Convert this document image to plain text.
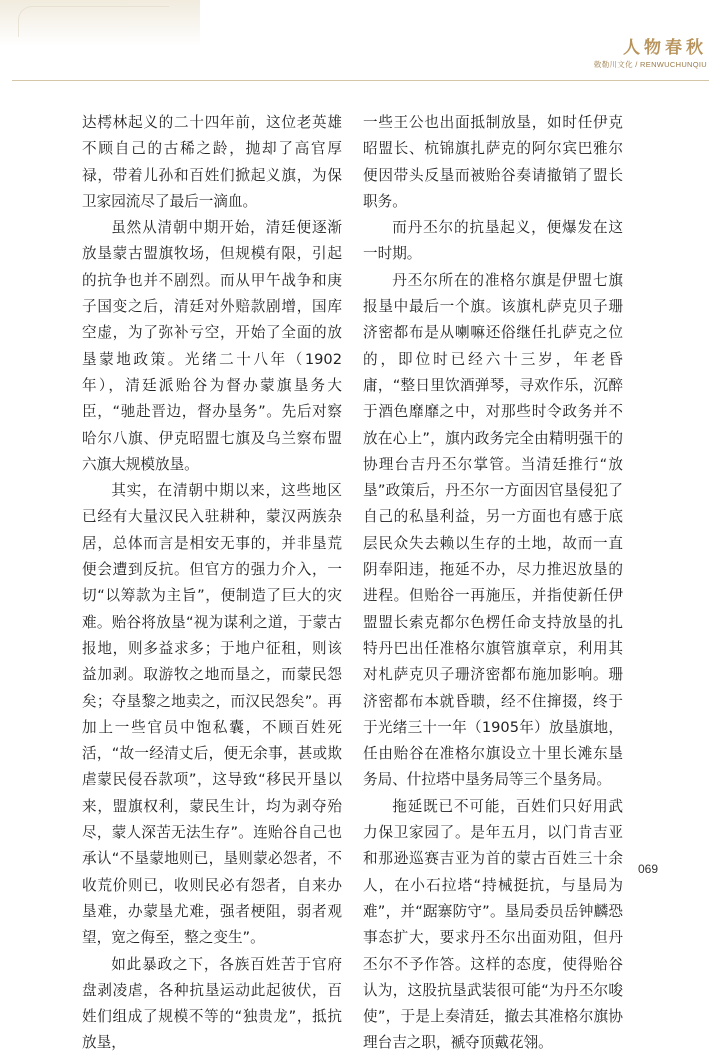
人物春秋
敕勒川文化 / RENWUCHUNQIU

达樗林起义的二十四年前，这位老英雄不顾自己的古稀之龄，抛却了高官厚禄，带着儿孙和百姓们掀起义旗，为保卫家园流尽了最后一滴血。

虽然从清朝中期开始，清廷便逐渐放垦蒙古盟旗牧场，但规模有限，引起的抗争也并不剧烈。而从甲午战争和庚子国变之后，清廷对外赔款剧增，国库空虚，为了弥补亏空，开始了全面的放垦蒙地政策。光绪二十八年（1902年），清廷派贻谷为督办蒙旗垦务大臣，“驰赴晋边，督办垦务”。先后对察哈尔八旗、伊克昭盟七旗及乌兰察布盟六旗大规模放垦。

其实，在清朝中期以来，这些地区已经有大量汉民入驻耕种，蒙汉两族杂居，总体而言是相安无事的，并非垦荒便会遭到反抗。但官方的强力介入，一切“以筹款为主旨”，便制造了巨大的灾难。贻谷将放垦“视为谋利之道，于蒙古报地，则多益求多；于地户征租，则该益加剥。取游牧之地而垦之，而蒙民怨矣；夺垦黎之地卖之，而汉民怨矣”。再加上一些官员中饱私囊，不顾百姓死活，“故一经清丈后，便无余事，甚或欺虐蒙民侵吞款项”，这导致“移民开垦以来，盟旗权利，蒙民生计，均为剥夺殆尽，蒙人深苦无法生存”。连贻谷自己也承认“不垦蒙地则已，垦则蒙必怨者，不收荒价则已，收则民必有怨者，自来办垦难，办蒙垦尤难，强者梗阻，弱者观望，宽之侮至，整之变生”。

如此暴政之下，各族百姓苦于官府盘剥凌虐，各种抗垦运动此起彼伏，百姓们组成了规模不等的“独贵龙”，抵抗放垦，

一些王公也出面抵制放垦，如时任伊克昭盟长、杭锦旗扎萨克的阿尔宾巴雅尔便因带头反垦而被贻谷奏请撤销了盟长职务。

而丹丕尔的抗垦起义，便爆发在这一时期。

丹丕尔所在的准格尔旗是伊盟七旗报垦中最后一个旗。该旗札萨克贝子珊济密都布是从喇嘛还俗继任扎萨克之位的，即位时已经六十三岁，年老昏庸，“整日里饮酒弹琴，寻欢作乐，沉醉于酒色靡靡之中，对那些时令政务并不放在心上”，旗内政务完全由精明强干的协理台吉丹丕尔掌管。当清廷推行“放垦”政策后，丹丕尔一方面因官垦侵犯了自己的私垦利益，另一方面也有感于底层民众失去赖以生存的土地，故而一直阴奉阳违，拖延不办，尽力推迟放垦的进程。但贻谷一再施压，并指使新任伊盟盟长索克都尔色楞任命支持放垦的扎特丹巴出任准格尔旗管旗章京，利用其对札萨克贝子珊济密都布施加影响。珊济密都布本就昏聩，经不住撺掇，终于于光绪三十一年（1905年）放垦旗地，任由贻谷在准格尔旗设立十里长滩东垦务局、什拉塔中垦务局等三个垦务局。

拖延既已不可能，百姓们只好用武力保卫家园了。是年五月，以门肯吉亚和那逊巡赛吉亚为首的蒙古百姓三十余人，在小石拉塔“持械挺抗，与垦局为难”，并“踞寨防守”。垦局委员岳钟麟恐事态扩大，要求丹丕尔出面劝阻，但丹丕尔不予作答。这样的态度，使得贻谷认为，这股抗垦武装很可能“为丹丕尔唆使”，于是上奏清廷，撤去其准格尔旗协理台吉之职，褫夺顶戴花翎。

069
